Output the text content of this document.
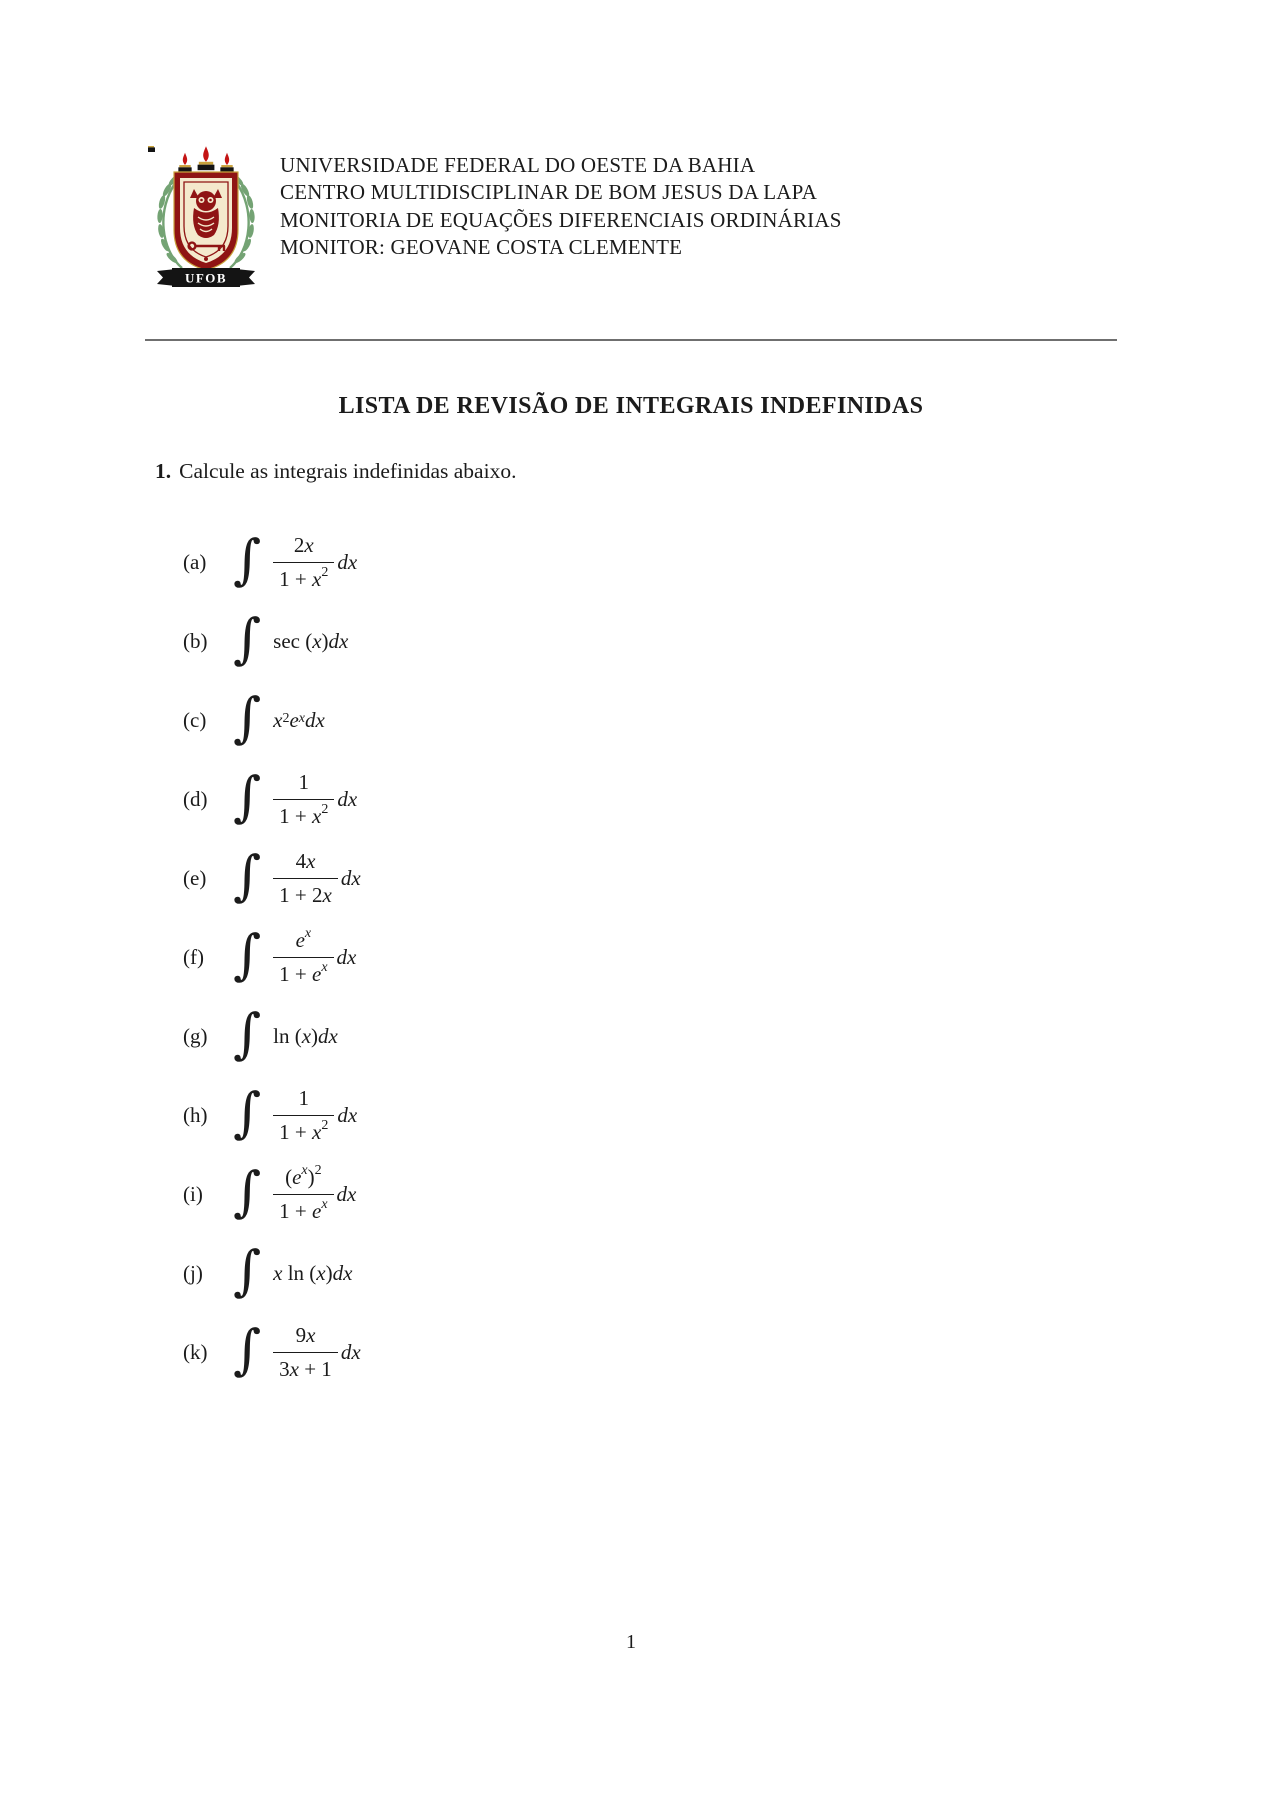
UFOB
UNIVERSIDADE FEDERAL DO OESTE DA BAHIA
CENTRO MULTIDISCIPLINAR DE BOM JESUS DA LAPA
MONITORIA DE EQUAÇÕES DIFERENCIAIS ORDINÁRIAS
MONITOR: GEOVANE COSTA CLEMENTE
LISTA DE REVISÃO DE INTEGRAIS INDEFINIDAS

1. Calcule as integrais indefinidas abaixo.

(a) ∫ $\frac{2x}{1 + x^2}$ dx
(b) ∫ sec ( x ) dx
(c) ∫ $x^2$ $e^x$ dx
(d) ∫ $\frac{1}{1 + x^2}$ dx
(e) ∫ $\frac{4x}{1 + 2x}$ dx
(f) ∫ $\frac{e^x}{1 + e^x}$ dx
(g) ∫ ln ( x ) dx
(h) ∫ $\frac{1}{1 + x^2}$ dx
(i) ∫ $\frac{(e^x)^2}{1 + e^x}$ dx
(j) ∫ x ln ( x ) dx
(k) ∫ $\frac{9x}{3x + 1}$ dx
1
